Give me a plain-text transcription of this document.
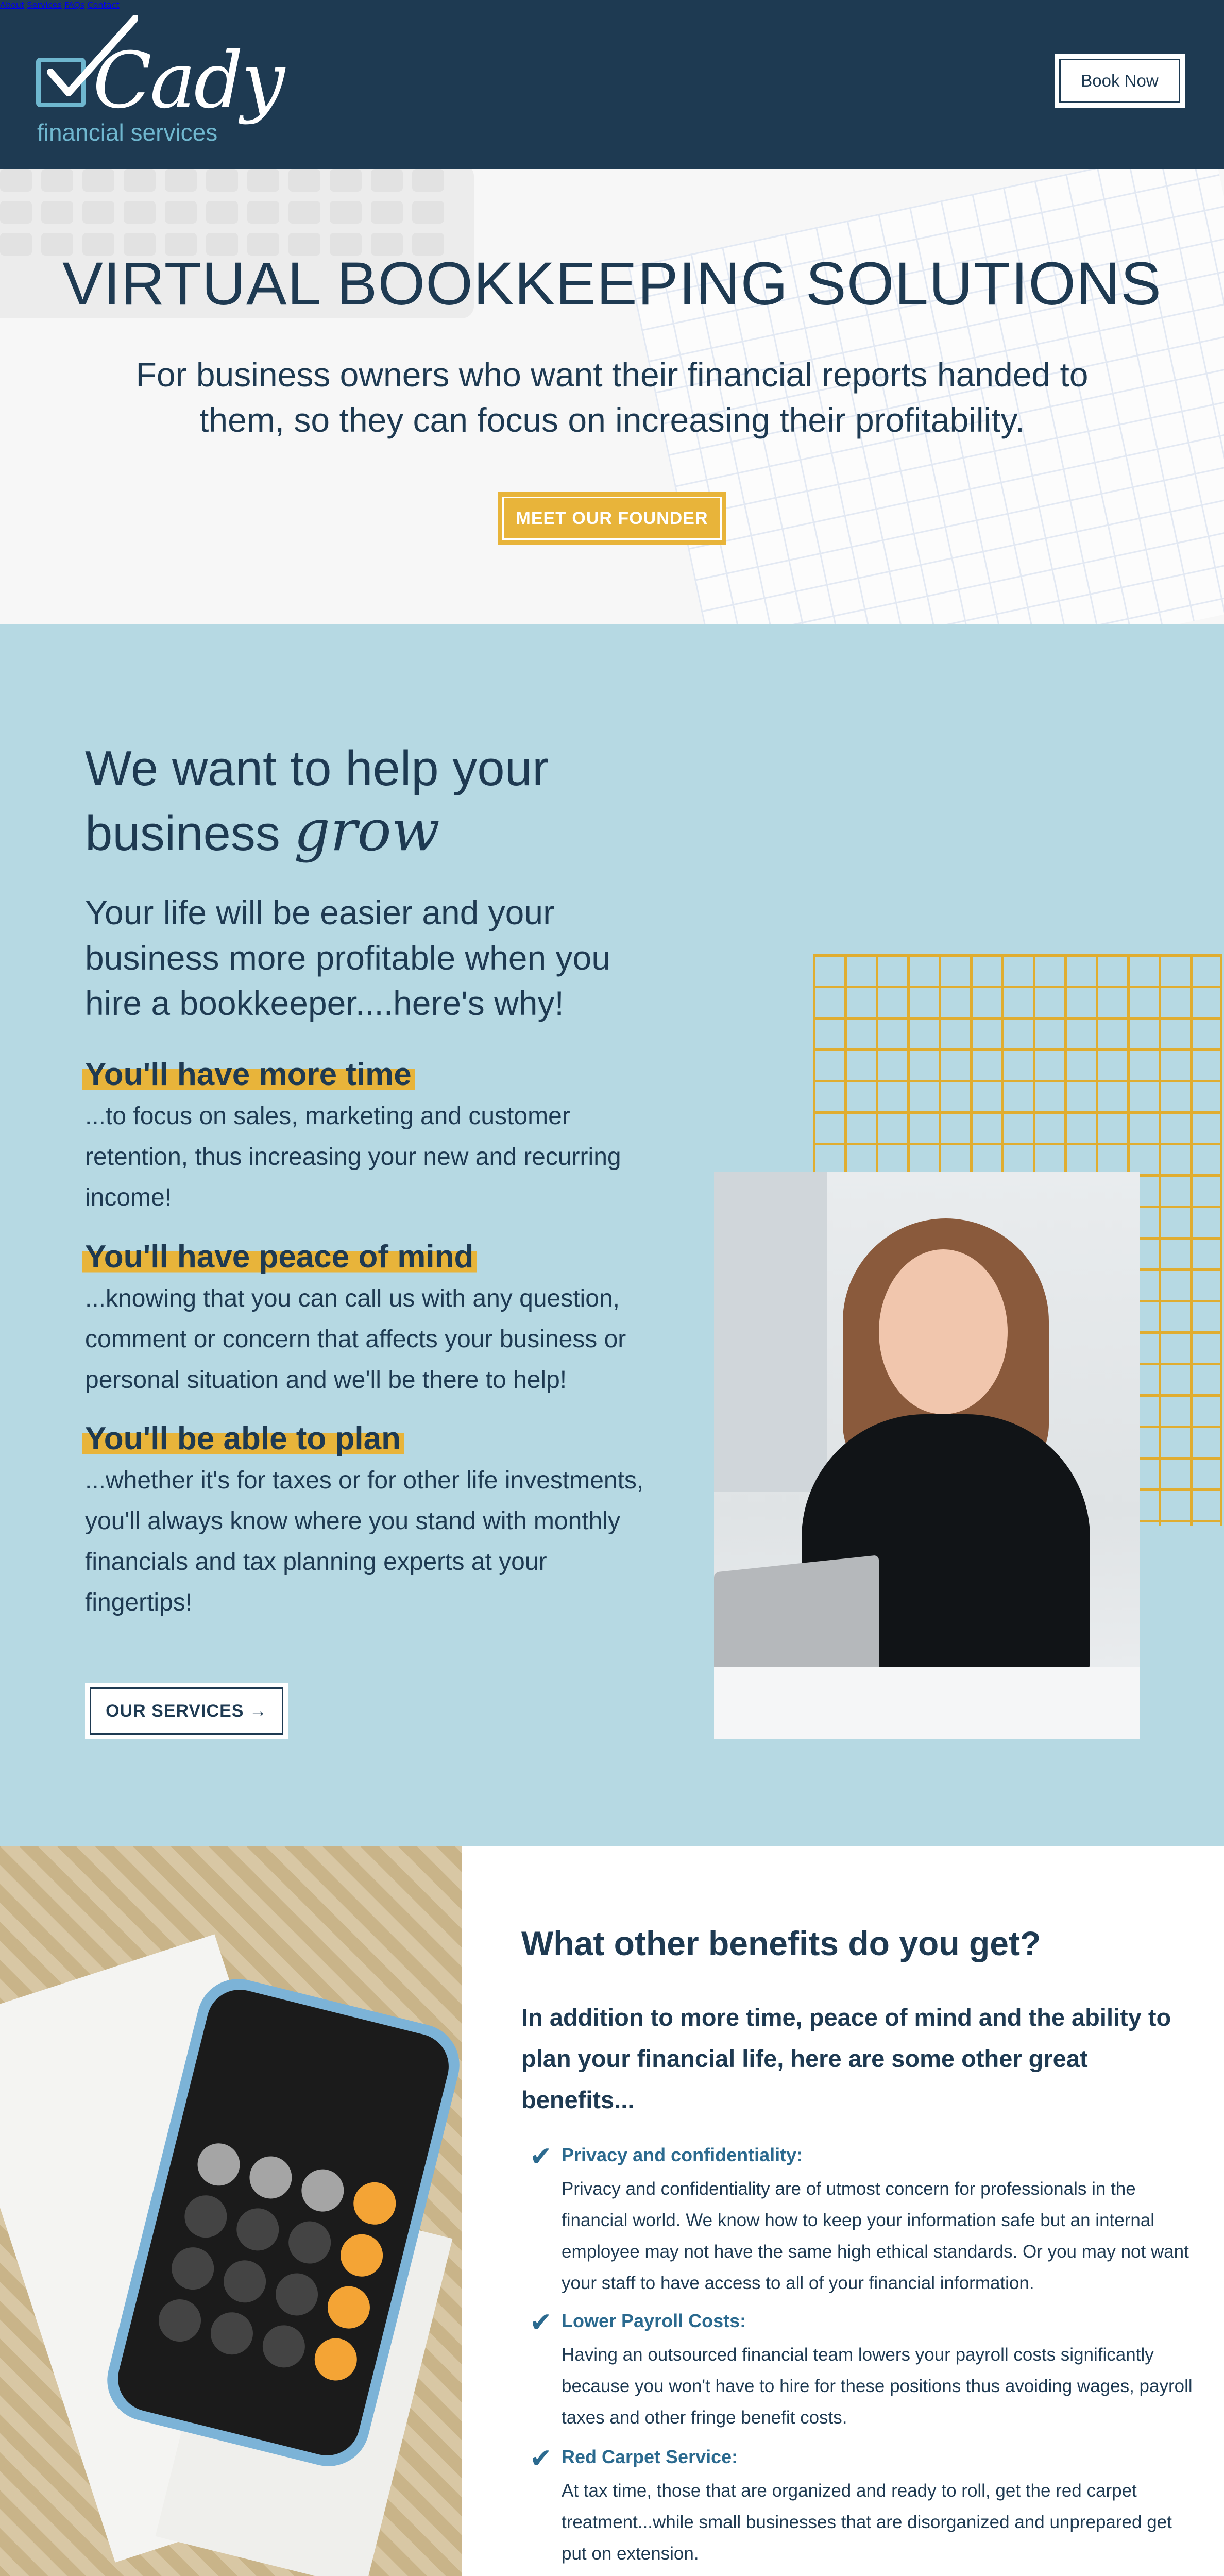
Cady
financial services
About Services FAQs Contact
Book Now
VIRTUAL BOOKKEEPING SOLUTIONS

For business owners who want their financial reports handed to them, so they can focus on increasing their profitability.

MEET OUR FOUNDER
We want to help your
business grow

Your life will be easier and your business more profitable when you hire a bookkeeper....here's why!

You'll have more time

...to focus on sales, marketing and customer retention, thus increasing your new and recurring income!

You'll have peace of mind

...knowing that you can call us with any question, comment or concern that affects your business or personal situation and we'll be there to help!

You'll be able to plan

...whether it's for taxes or for other life investments, you'll always know where you stand with monthly financials and tax planning experts at your fingertips!

OUR SERVICES →
What other benefits do you get?

In addition to more time, peace of mind and the ability to plan your financial life, here are some other great benefits...

✔ Privacy and confidentiality:

Privacy and confidentiality are of utmost concern for professionals in the financial world. We know how to keep your information safe but an internal employee may not have the same high ethical standards. Or you may not want your staff to have access to all of your financial information.

✔ Lower Payroll Costs:

Having an outsourced financial team lowers your payroll costs significantly because you won't have to hire for these positions thus avoiding wages, payroll taxes and other fringe benefit costs.

✔ Red Carpet Service:

At tax time, those that are organized and ready to roll, get the red carpet treatment...while small businesses that are disorganized and unprepared get put on extension.
